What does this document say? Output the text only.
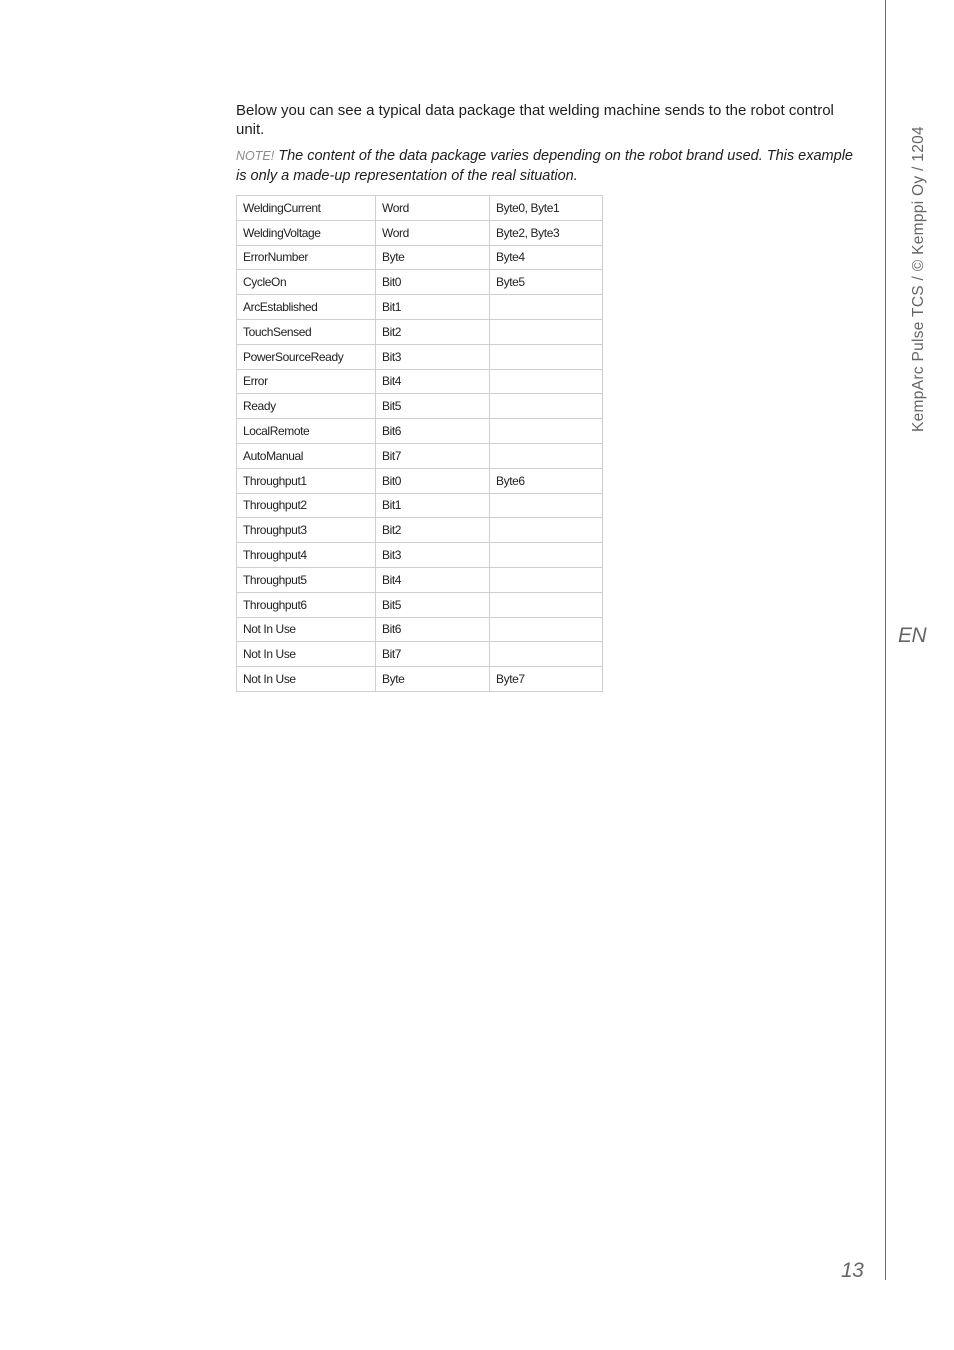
Below you can see a typical data package that welding machine sends to the robot control unit.

NOTE! The content of the data package varies depending on the robot brand used. This example is only a made-up representation of the real situation.

WeldingCurrent	Word	Byte0, Byte1
WeldingVoltage	Word	Byte2, Byte3
ErrorNumber	Byte	Byte4
CycleOn	Bit0	Byte5
ArcEstablished	Bit1	
TouchSensed	Bit2	
PowerSourceReady	Bit3	
Error	Bit4	
Ready	Bit5	
LocalRemote	Bit6	
AutoManual	Bit7	
Throughput1	Bit0	Byte6
Throughput2	Bit1	
Throughput3	Bit2	
Throughput4	Bit3	
Throughput5	Bit4	
Throughput6	Bit5	
Not In Use	Bit6	
Not In Use	Bit7	
Not In Use	Byte	Byte7
KempArc Pulse TCS / © Kemppi Oy / 1204
EN
13
